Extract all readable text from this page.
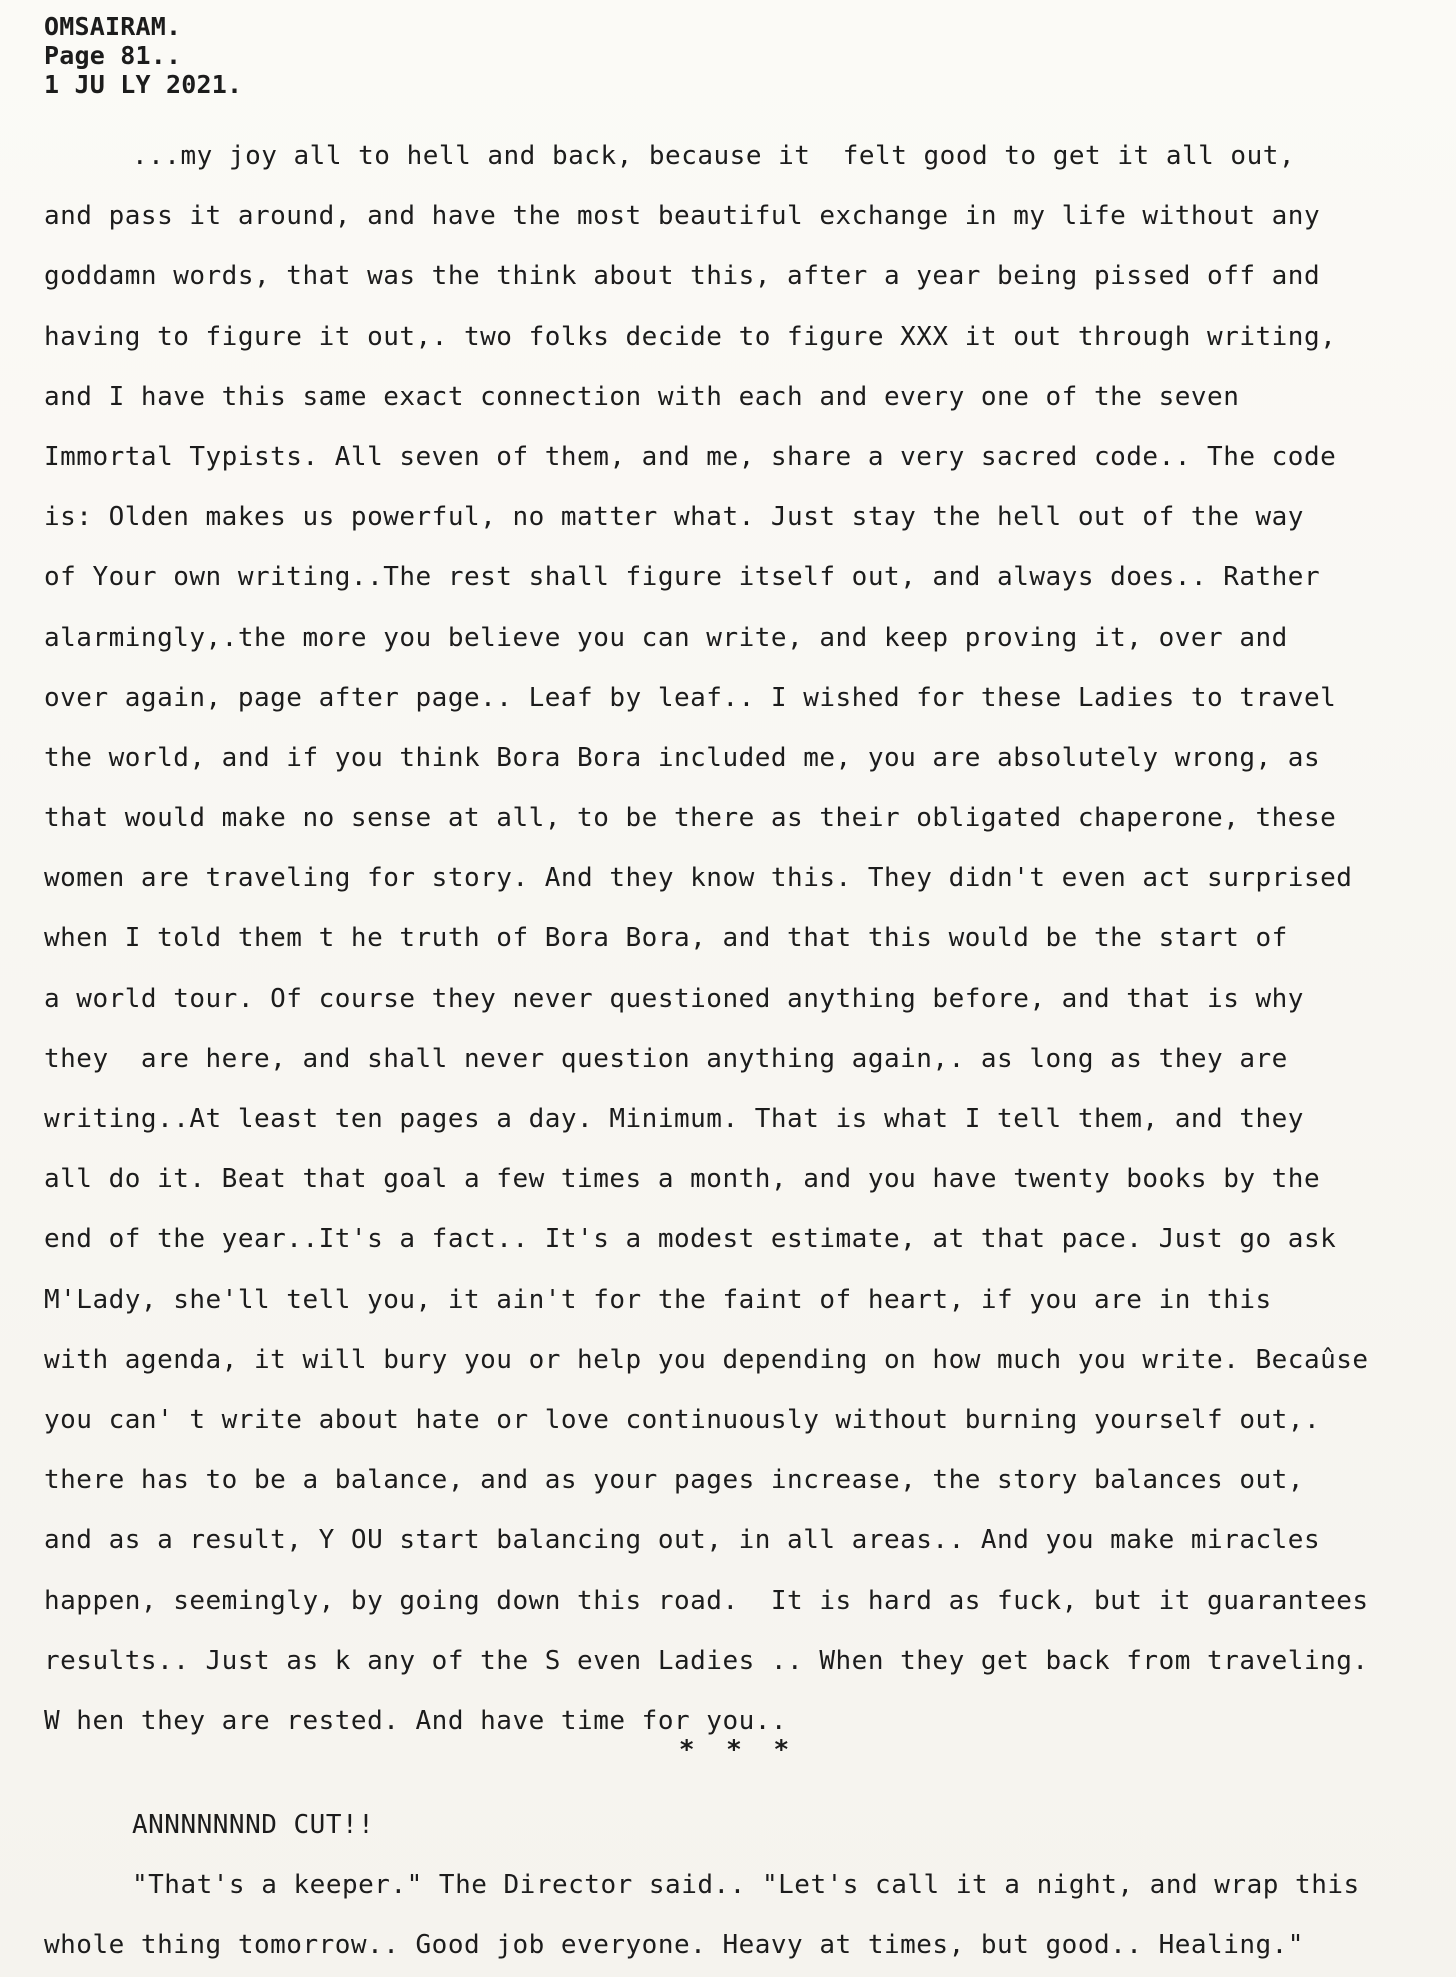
OMSAIRAM.
Page 81..
1 JU LY 2021.
...my joy all to hell and back, because it  felt good to get it all out,
and pass it around, and have the most beautiful exchange in my life without any
goddamn words, that was the think about this, after a year being pissed off and
having to figure it out,. two folks decide to figure XXX it out through writing,
and I have this same exact connection with each and every one of the seven
Immortal Typists. All seven of them, and me, share a very sacred code.. The code
is: Olden makes us powerful, no matter what. Just stay the hell out of the way
of Your own writing..The rest shall figure itself out, and always does.. Rather
alarmingly,.the more you believe you can write, and keep proving it, over and
over again, page after page.. Leaf by leaf.. I wished for these Ladies to travel
the world, and if you think Bora Bora included me, you are absolutely wrong, as
that would make no sense at all, to be there as their obligated chaperone, these
women are traveling for story. And they know this. They didn't even act surprised
when I told them t he truth of Bora Bora, and that this would be the start of
a world tour. Of course they never questioned anything before, and that is why
they  are here, and shall never question anything again,. as long as they are
writing..At least ten pages a day. Minimum. That is what I tell them, and they
all do it. Beat that goal a few times a month, and you have twenty books by the
end of the year..It's a fact.. It's a modest estimate, at that pace. Just go ask
M'Lady, she'll tell you, it ain't for the faint of heart, if you are in this
with agenda, it will bury you or help you depending on how much you write. Becaûse
you can' t write about hate or love continuously without burning yourself out,.
there has to be a balance, and as your pages increase, the story balances out,
and as a result, Y OU start balancing out, in all areas.. And you make miracles
happen, seemingly, by going down this road.  It is hard as fuck, but it guarantees
results.. Just as k any of the S even Ladies .. When they get back from traveling.
W hen they are rested. And have time for you..
* * *
ANNNNNNND CUT!!
"That's a keeper." The Director said.. "Let's call it a night, and wrap this
whole thing tomorrow.. Good job everyone. Heavy at times, but good.. Healing."
